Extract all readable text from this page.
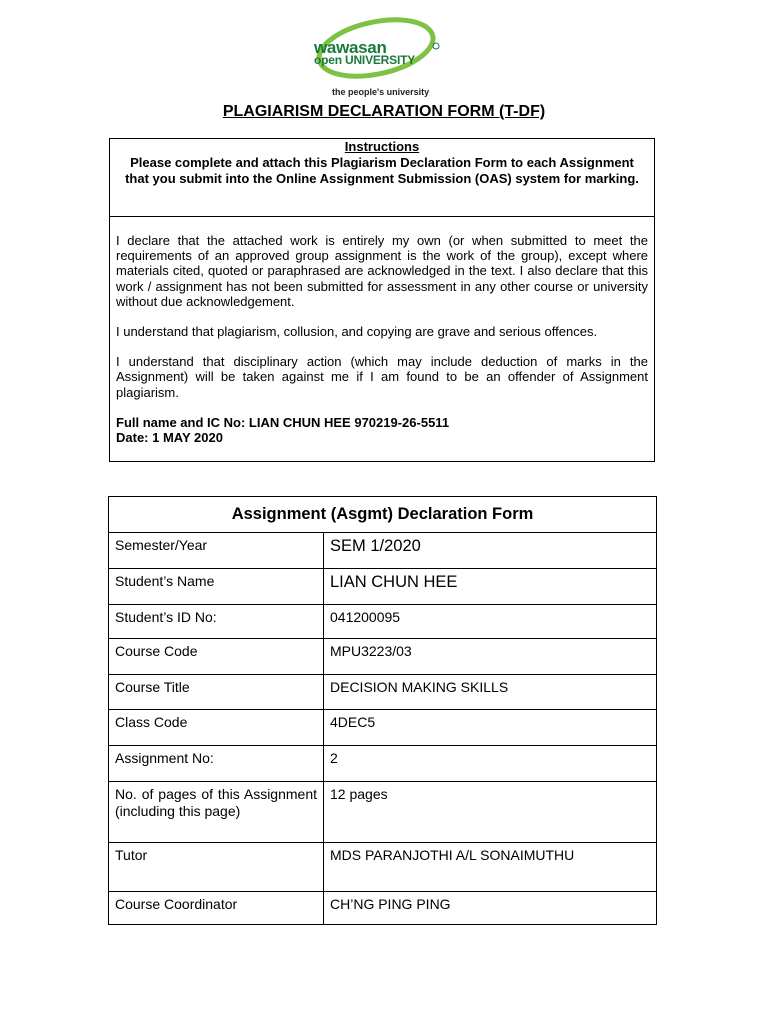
wawasan
open UNIVERSITY
the people's university
PLAGIARISM DECLARATION FORM (T-DF)
Instructions
Please complete and attach this Plagiarism Declaration Form to each Assignment that you submit into the Online Assignment Submission (OAS) system for marking.

I declare that the attached work is entirely my own (or when submitted to meet the requirements of an approved group assignment is the work of the group), except where materials cited, quoted or paraphrased are acknowledged in the text. I also declare that this work / assignment has not been submitted for assessment in any other course or university without due acknowledgement.

I understand that plagiarism, collusion, and copying are grave and serious offences.

I understand that disciplinary action (which may include deduction of marks in the Assignment) will be taken against me if I am found to be an offender of Assignment plagiarism.

Full name and IC No: LIAN CHUN HEE 970219-26-5511

Date: 1 MAY 2020

Assignment (Asgmt) Declaration Form	
Semester/Year	SEM 1/2020
Student’s Name	LIAN CHUN HEE
Student’s ID No:	041200095
Course Code	MPU3223/03
Course Title	DECISION MAKING SKILLS
Class Code	4DEC5
Assignment No:	2
No. of pages of this Assignment (including this page)	12 pages
Tutor	MDS PARANJOTHI A/L SONAIMUTHU
Course Coordinator	CH’NG PING PING
